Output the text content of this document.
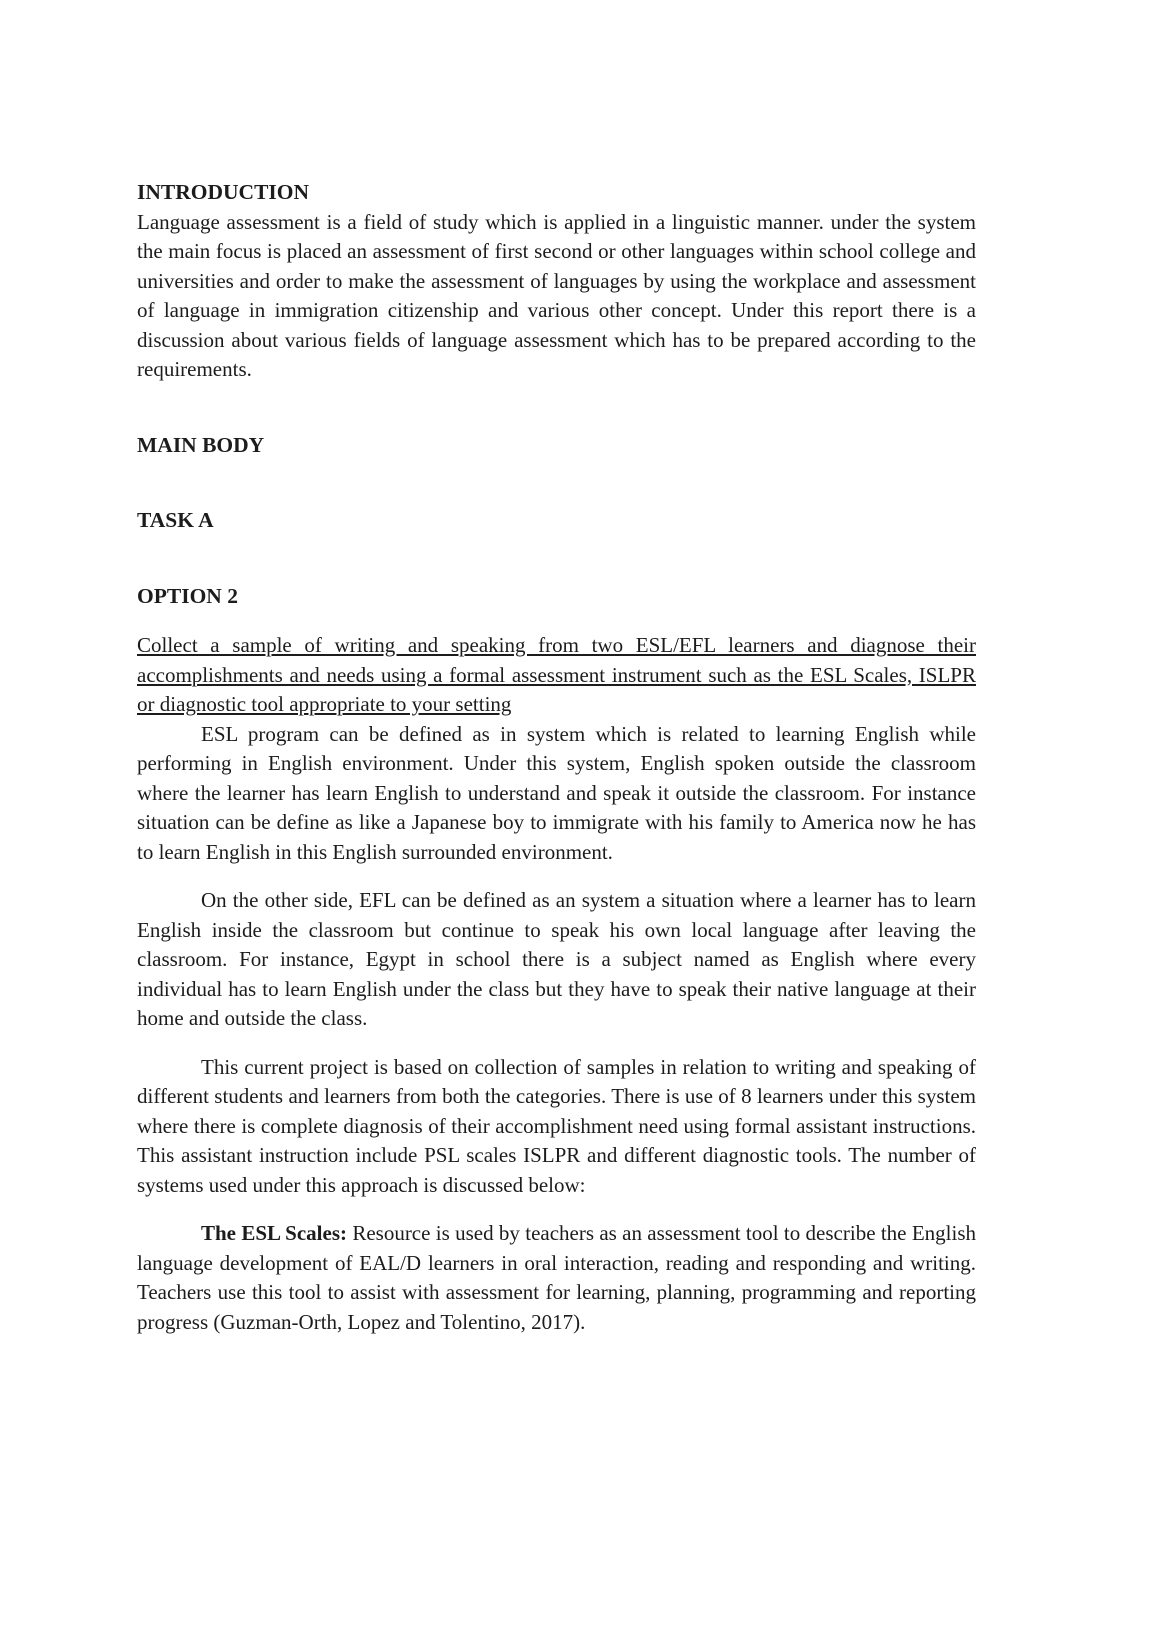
INTRODUCTION

Language assessment is a field of study which is applied in a linguistic manner. under the system the main focus is placed an assessment of first second or other languages within school college and universities and order to make the assessment of languages by using the workplace and assessment of language in immigration citizenship and various other concept. Under this report there is a discussion about various fields of language assessment which has to be prepared according to the requirements.

MAIN BODY
TASK A
OPTION 2

Collect a sample of writing and speaking from two ESL/EFL learners and diagnose their accomplishments and needs using a formal assessment instrument such as the ESL Scales, ISLPR or diagnostic tool appropriate to your setting

ESL program can be defined as in system which is related to learning English while performing in English environment. Under this system, English spoken outside the classroom where the learner has learn English to understand and speak it outside the classroom. For instance situation can be define as like a Japanese boy to immigrate with his family to America now he has to learn English in this English surrounded environment.

On the other side, EFL can be defined as an system a situation where a learner has to learn English inside the classroom but continue to speak his own local language after leaving the classroom. For instance, Egypt in school there is a subject named as English where every individual has to learn English under the class but they have to speak their native language at their home and outside the class.

This current project is based on collection of samples in relation to writing and speaking of different students and learners from both the categories. There is use of 8 learners under this system where there is complete diagnosis of their accomplishment need using formal assistant instructions. This assistant instruction include PSL scales ISLPR and different diagnostic tools. The number of systems used under this approach is discussed below:

The ESL Scales: Resource is used by teachers as an assessment tool to describe the English language development of EAL/D learners in oral interaction, reading and responding and writing. Teachers use this tool to assist with assessment for learning, planning, programming and reporting progress (Guzman-Orth, Lopez and Tolentino, 2017).
